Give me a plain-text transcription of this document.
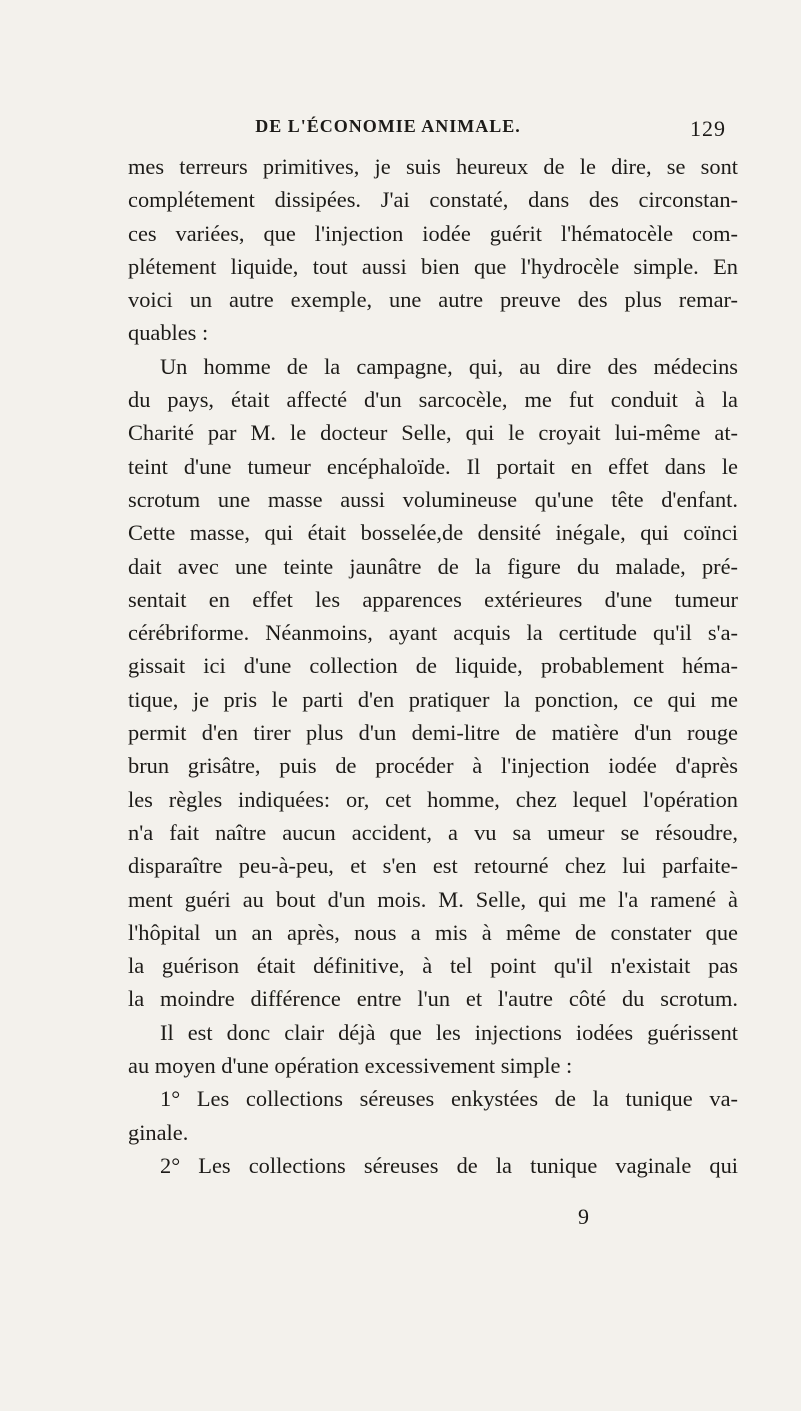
DE L'ÉCONOMIE ANIMALE.	129
mes terreurs primitives, je suis heureux de le dire, se sont
complétement dissipées. J'ai constaté, dans des circonstan-
ces variées, que l'injection iodée guérit l'hématocèle com-
plétement liquide, tout aussi bien que l'hydrocèle simple. En
voici un autre exemple, une autre preuve des plus remar-
quables :
Un homme de la campagne, qui, au dire des médecins
du pays, était affecté d'un sarcocèle, me fut conduit à la
Charité par M. le docteur Selle, qui le croyait lui-même at-
teint d'une tumeur encéphaloïde. Il portait en effet dans le
scrotum une masse aussi volumineuse qu'une tête d'enfant.
Cette masse, qui était bosselée,de densité inégale, qui coïnci
dait avec une teinte jaunâtre de la figure du malade, pré-
sentait en effet les apparences extérieures d'une tumeur
cérébriforme. Néanmoins, ayant acquis la certitude qu'il s'a-
gissait ici d'une collection de liquide, probablement héma-
tique, je pris le parti d'en pratiquer la ponction, ce qui me
permit d'en tirer plus d'un demi-litre de matière d'un rouge
brun grisâtre, puis de procéder à l'injection iodée d'après
les règles indiquées: or, cet homme, chez lequel l'opération
n'a fait naître aucun accident, a vu sa umeur se résoudre,
disparaître peu-à-peu, et s'en est retourné chez lui parfaite-
ment guéri au bout d'un mois. M. Selle, qui me l'a ramené à
l'hôpital un an après, nous a mis à même de constater que
la guérison était définitive, à tel point qu'il n'existait pas
la moindre différence entre l'un et l'autre côté du scrotum.
Il est donc clair déjà que les injections iodées guérissent
au moyen d'une opération excessivement simple :
1° Les collections séreuses enkystées de la tunique va-
ginale.
2° Les collections séreuses de la tunique vaginale qui
9
